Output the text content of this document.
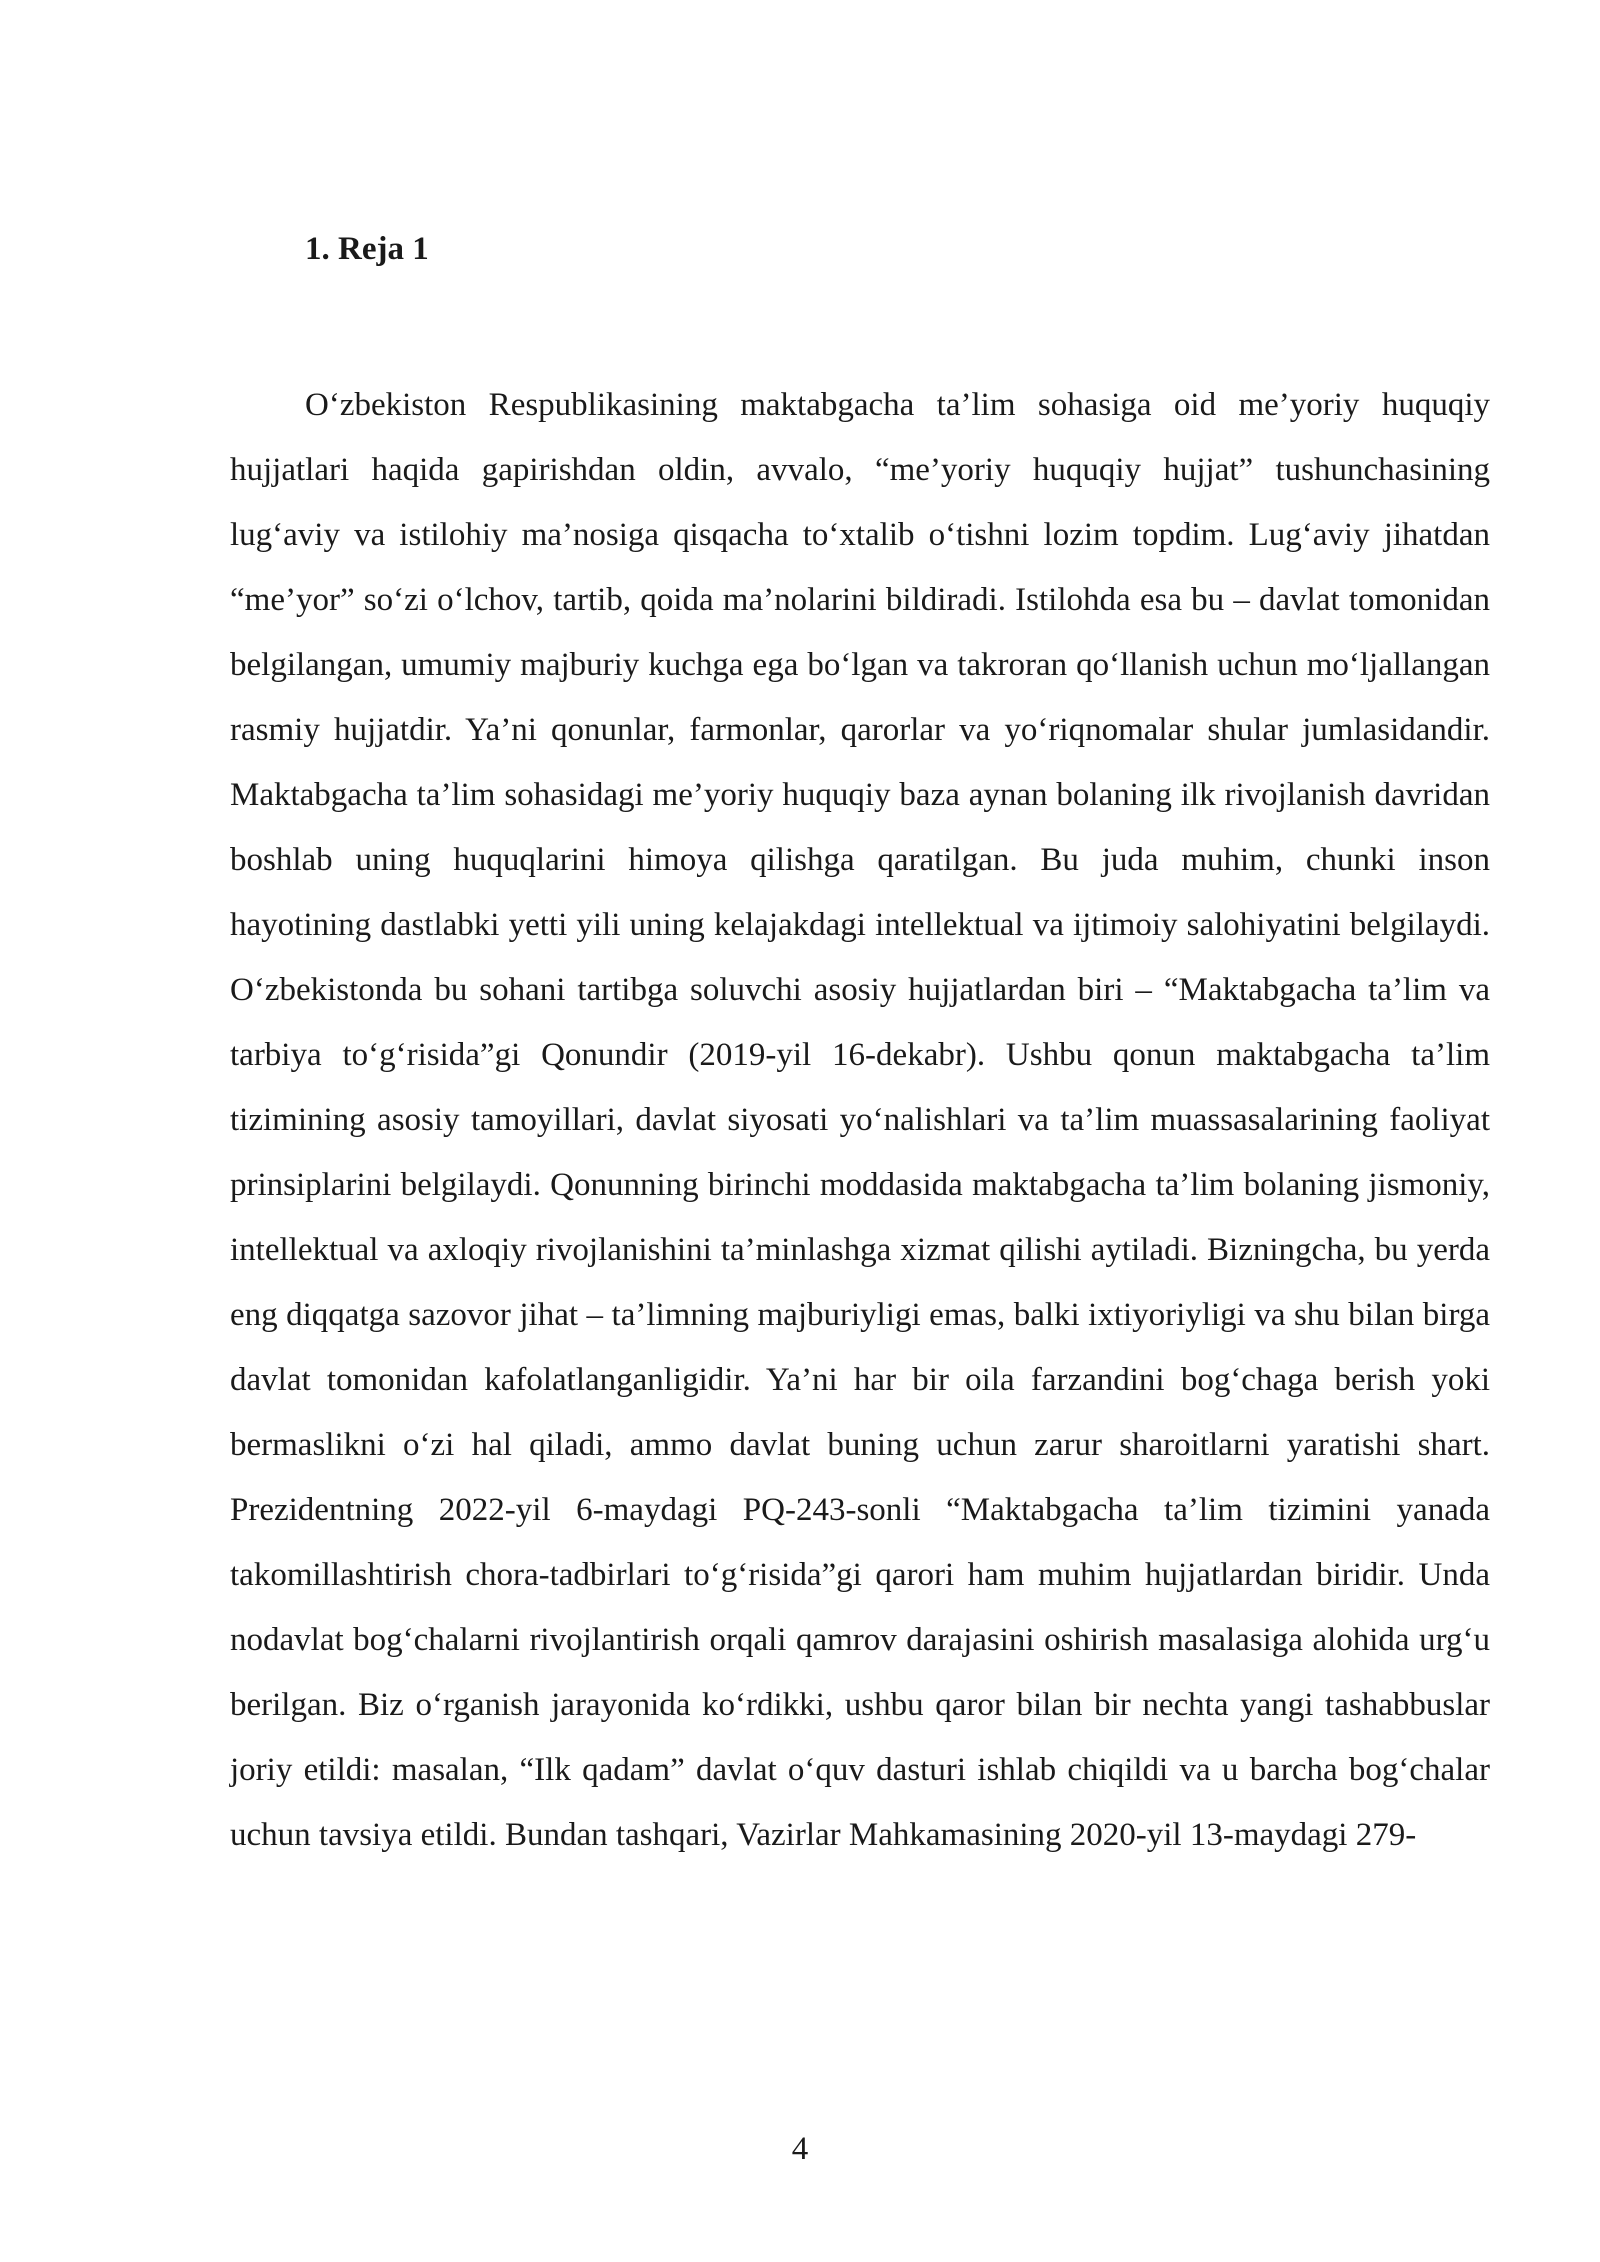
1. Reja 1

O‘zbekiston Respublikasining maktabgacha ta’lim sohasiga oid me’yoriy huquqiy hujjatlari haqida gapirishdan oldin, avvalo, “me’yoriy huquqiy hujjat” tushunchasining lug‘aviy va istilohiy ma’nosiga qisqacha to‘xtalib o‘tishni lozim topdim. Lug‘aviy jihatdan “me’yor” so‘zi o‘lchov, tartib, qoida ma’nolarini bildiradi. Istilohda esa bu – davlat tomonidan belgilangan, umumiy majburiy kuchga ega bo‘lgan va takroran qo‘llanish uchun mo‘ljallangan rasmiy hujjatdir. Ya’ni qonunlar, farmonlar, qarorlar va yo‘riqnomalar shular jumlasidandir. Maktabgacha ta’lim sohasidagi me’yoriy huquqiy baza aynan bolaning ilk rivojlanish davridan boshlab uning huquqlarini himoya qilishga qaratilgan. Bu juda muhim, chunki inson hayotining dastlabki yetti yili uning kelajakdagi intellektual va ijtimoiy salohiyatini belgilaydi. O‘zbekistonda bu sohani tartibga soluvchi asosiy hujjatlardan biri – “Maktabgacha ta’lim va tarbiya to‘g‘risida”gi Qonundir (2019-yil 16-dekabr). Ushbu qonun maktabgacha ta’lim tizimining asosiy tamoyillari, davlat siyosati yo‘nalishlari va ta’lim muassasalarining faoliyat prinsiplarini belgilaydi. Qonunning birinchi moddasida maktabgacha ta’lim bolaning jismoniy, intellektual va axloqiy rivojlanishini ta’minlashga xizmat qilishi aytiladi. Bizningcha, bu yerda eng diqqatga sazovor jihat – ta’limning majburiyligi emas, balki ixtiyoriyligi va shu bilan birga davlat tomonidan kafolatlanganligidir. Ya’ni har bir oila farzandini bog‘chaga berish yoki bermaslikni o‘zi hal qiladi, ammo davlat buning uchun zarur sharoitlarni yaratishi shart. Prezidentning 2022-yil 6-maydagi PQ-243-sonli “Maktabgacha ta’lim tizimini yanada takomillashtirish chora-tadbirlari to‘g‘risida”gi qarori ham muhim hujjatlardan biridir. Unda nodavlat bog‘chalarni rivojlantirish orqali qamrov darajasini oshirish masalasiga alohida urg‘u berilgan. Biz o‘rganish jarayonida ko‘rdikki, ushbu qaror bilan bir nechta yangi tashabbuslar joriy etildi: masalan, “Ilk qadam” davlat o‘quv dasturi ishlab chiqildi va u barcha bog‘chalar uchun tavsiya etildi. Bundan tashqari, Vazirlar Mahkamasining 2020-yil 13-maydagi 279-

4
